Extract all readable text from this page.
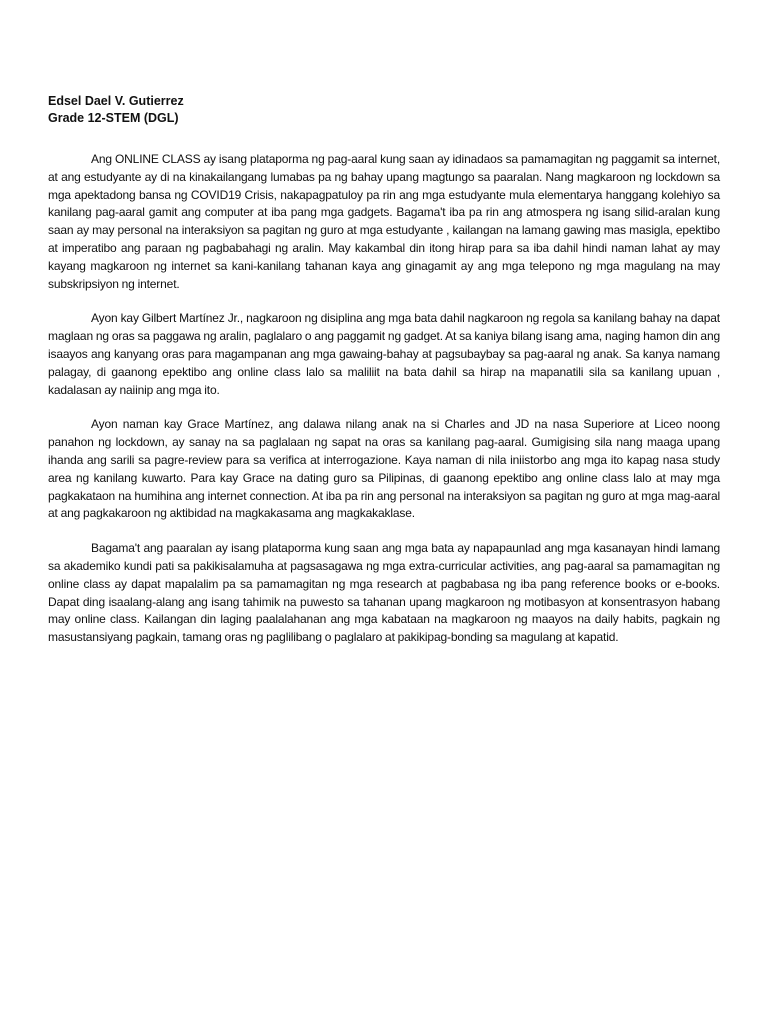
Edsel Dael V. Gutierrez

Grade 12-STEM (DGL)

Ang ONLINE CLASS ay isang plataporma ng pag-aaral kung saan ay idinadaos sa pamamagitan ng paggamit sa internet, at ang estudyante ay di na kinakailangang lumabas pa ng bahay upang magtungo sa paaralan. Nang magkaroon ng lockdown sa mga apektadong bansa ng COVID19 Crisis, nakapagpatuloy pa rin ang mga estudyante mula elementarya hanggang kolehiyo sa kanilang pag-aaral gamit ang computer at iba pang mga gadgets. Bagama't iba pa rin ang atmospera ng isang silid-aralan kung saan ay may personal na interaksiyon sa pagitan ng guro at mga estudyante , kailangan na lamang gawing mas masigla, epektibo at imperatibo ang paraan ng pagbabahagi ng aralin. May kakambal din itong hirap para sa iba dahil hindi naman lahat ay may kayang magkaroon ng internet sa kani-kanilang tahanan kaya ang ginagamit ay ang mga telepono ng mga magulang na may subskripsiyon ng internet.

Ayon kay Gilbert Martínez Jr., nagkaroon ng disiplina ang mga bata dahil nagkaroon ng regola sa kanilang bahay na dapat maglaan ng oras sa paggawa ng aralin, paglalaro o ang paggamit ng gadget. At sa kaniya bilang isang ama, naging hamon din ang isaayos ang kanyang oras para magampanan ang mga gawaing-bahay at pagsubaybay sa pag-aaral ng anak. Sa kanya namang palagay, di gaanong epektibo ang online class lalo sa maliliit na bata dahil sa hirap na mapanatili sila sa kanilang upuan , kadalasan ay naiinip ang mga ito.

Ayon naman kay Grace Martínez, ang dalawa nilang anak na si Charles and JD na nasa Superiore at Liceo noong panahon ng lockdown, ay sanay na sa paglalaan ng sapat na oras sa kanilang pag-aaral. Gumigising sila nang maaga upang ihanda ang sarili sa pagre-review para sa verifica at interrogazione. Kaya naman di nila iniistorbo ang mga ito kapag nasa study area ng kanilang kuwarto. Para kay Grace na dating guro sa Pilipinas, di gaanong epektibo ang online class lalo at may mga pagkakataon na humihina ang internet connection. At iba pa rin ang personal na interaksiyon sa pagitan ng guro at mga mag-aaral at ang pagkakaroon ng aktibidad na magkakasama ang magkakaklase.

Bagama't ang paaralan ay isang plataporma kung saan ang mga bata ay napapaunlad ang mga kasanayan hindi lamang sa akademiko kundi pati sa pakikisalamuha at pagsasagawa ng mga extra-curricular activities, ang pag-aaral sa pamamagitan ng online class ay dapat mapalalim pa sa pamamagitan ng mga research at pagbabasa ng iba pang reference books or e-books. Dapat ding isaalang-alang ang isang tahimik na puwesto sa tahanan upang magkaroon ng motibasyon at konsentrasyon habang may online class. Kailangan din laging paalalahanan ang mga kabataan na magkaroon ng maayos na daily habits, pagkain ng masustansiyang pagkain, tamang oras ng paglilibang o paglalaro at pakikipag-bonding sa magulang at kapatid.
